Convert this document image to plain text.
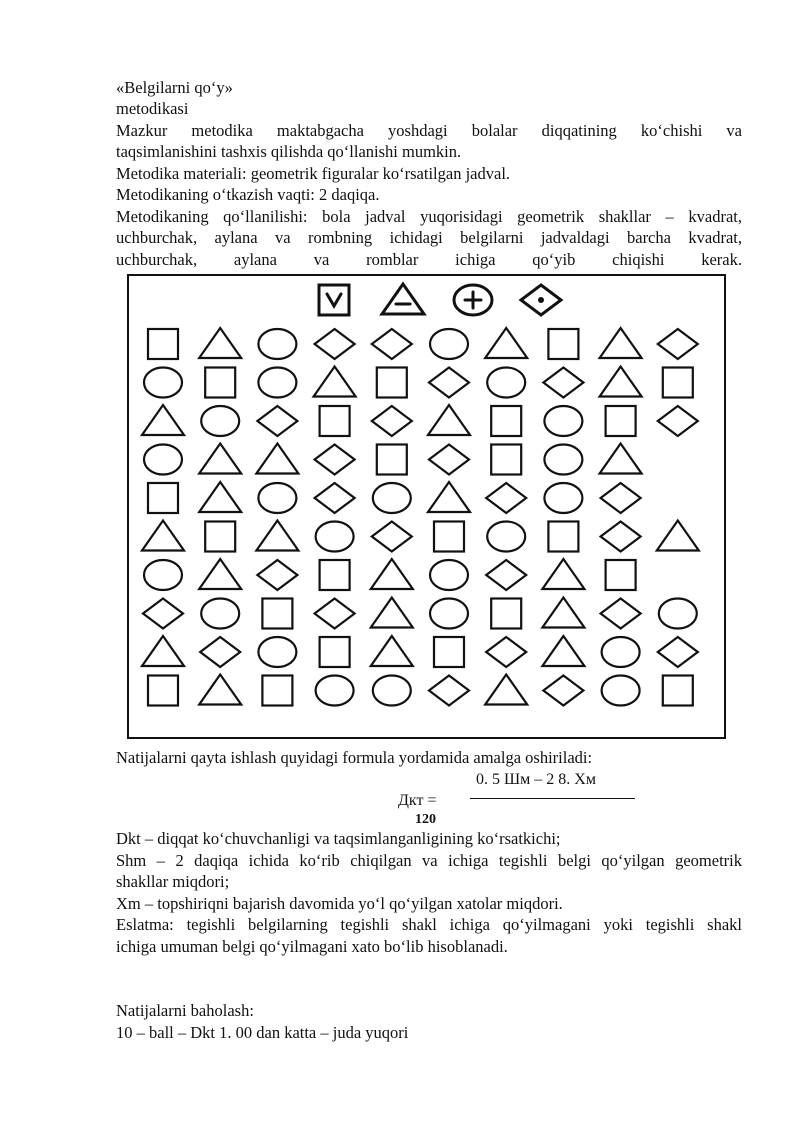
«Belgilarni qo‘y»

metodikasi

Mazkur metodika maktabgacha yoshdagi bolalar diqqatining ko‘chishi va

taqsimlanishini tashxis qilishda qo‘llanishi mumkin.

Metodika materiali: geometrik figuralar ko‘rsatilgan jadval.

Metodikaning o‘tkazish vaqti: 2 daqiqa.

Metodikaning qo‘llanilishi: bola jadval yuqorisidagi geometrik shakllar – kvadrat,

uchburchak, aylana va rombning ichidagi belgilarni jadvaldagi barcha kvadrat,

uchburchak, aylana va romblar ichiga qo‘yib chiqishi kerak.

Natijalarni qayta ishlash quyidagi formula yordamida amalga oshiriladi:

0. 5 Шм – 2 8. Хм
Дкт =
120

Dkt – diqqat ko‘chuvchanligi va taqsimlanganligining ko‘rsatkichi;

Shm – 2 daqiqa ichida ko‘rib chiqilgan va ichiga tegishli belgi qo‘yilgan geometrik

shakllar miqdori;

Xm – topshiriqni bajarish davomida yo‘l qo‘yilgan xatolar miqdori.

Eslatma: tegishli belgilarning tegishli shakl ichiga qo‘yilmagani yoki tegishli shakl

ichiga umuman belgi qo‘yilmagani xato bo‘lib hisoblanadi.

Natijalarni baholash:

10 – ball – Dkt 1. 00 dan katta – juda yuqori
